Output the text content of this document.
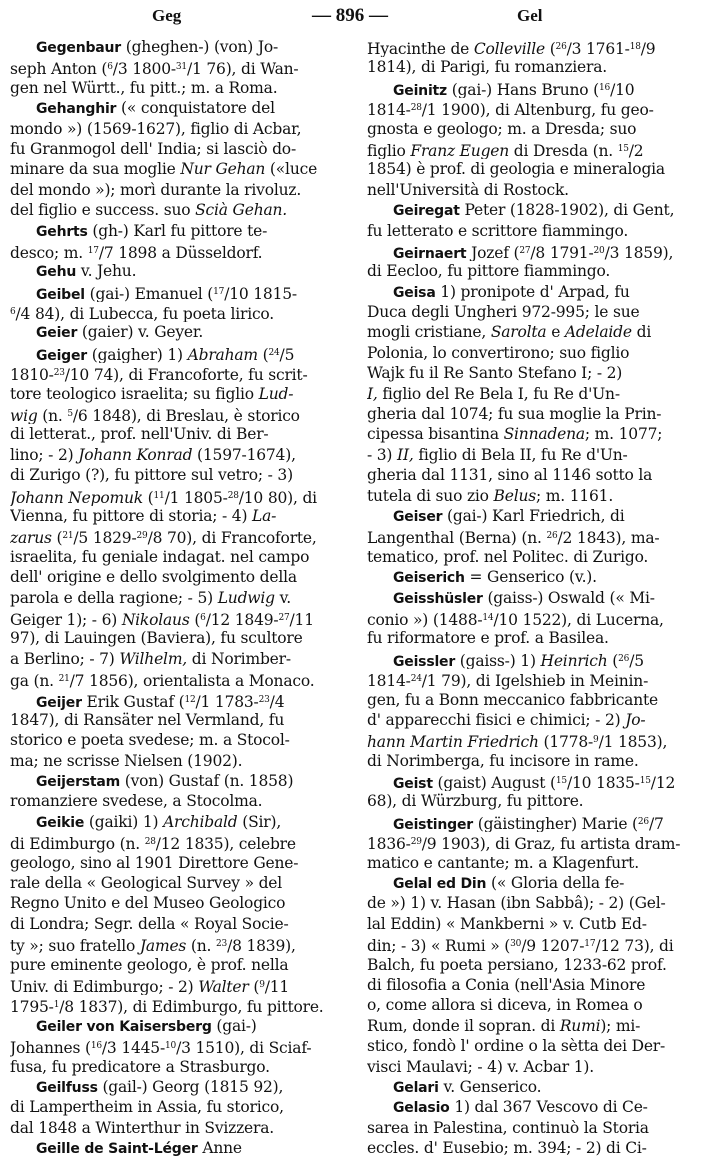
Geg	— 896 —	Gel
Gegenbaur (gheghen-) (von) Jo-
seph Anton ($^6$/3 1800-$^{31}$/1 76), di Wan-
gen nel Württ., fu pitt.; m. a Roma.
Gehanghir (« conquistatore del
mondo ») (1569-1627), figlio di Acbar,
fu Granmogol dell' India; si lasciò do-
minare da sua moglie Nur Gehan («luce
del mondo »); morì durante la rivoluz.
del figlio e success. suo Scià Gehan.
Gehrts (gh-) Karl fu pittore te-
desco; m. $^{17}$/7 1898 a Düsseldorf.
Gehu v. Jehu.
Geibel (gai-) Emanuel ($^{17}$/10 1815-
$^6$/4 84), di Lubecca, fu poeta lirico.
Geier (gaier) v. Geyer.
Geiger (gaigher) 1) Abraham ($^{24}$/5
1810-$^{23}$/10 74), di Francoforte, fu scrit-
tore teologico israelita; su figlio Lud-
wig (n. $^5$/6 1848), di Breslau, è storico
di letterat., prof. nell'Univ. di Ber-
lino; - 2) Johann Konrad (1597-1674),
di Zurigo (?), fu pittore sul vetro; - 3)
Johann Nepomuk ($^{11}$/1 1805-$^{28}$/10 80), di
Vienna, fu pittore di storia; - 4) La-
zarus ($^{21}$/5 1829-$^{29}$/8 70), di Francoforte,
israelita, fu geniale indagat. nel campo
dell' origine e dello svolgimento della
parola e della ragione; - 5) Ludwig v.
Geiger 1); - 6) Nikolaus ($^6$/12 1849-$^{27}$/11
97), di Lauingen (Baviera), fu scultore
a Berlino; - 7) Wilhelm, di Norimber-
ga (n. $^{21}$/7 1856), orientalista a Monaco.
Geijer Erik Gustaf ($^{12}$/1 1783-$^{23}$/4
1847), di Ransäter nel Vermland, fu
storico e poeta svedese; m. a Stocol-
ma; ne scrisse Nielsen (1902).
Geijerstam (von) Gustaf (n. 1858)
romanziere svedese, a Stocolma.
Geikie (gaiki) 1) Archibald (Sir),
di Edimburgo (n. $^{28}$/12 1835), celebre
geologo, sino al 1901 Direttore Gene-
rale della « Geological Survey » del
Regno Unito e del Museo Geologico
di Londra; Segr. della « Royal Socie-
ty »; suo fratello James (n. $^{23}$/8 1839),
pure eminente geologo, è prof. nella
Univ. di Edimburgo; - 2) Walter ($^9$/11
1795-$^1$/8 1837), di Edimburgo, fu pittore.
Geiler von Kaisersberg (gai-)
Johannes ($^{16}$/3 1445-$^{10}$/3 1510), di Sciaf-
fusa, fu predicatore a Strasburgo.
Geilfuss (gail-) Georg (1815 92),
di Lampertheim in Assia, fu storico,
dal 1848 a Winterthur in Svizzera.
Geille de Saint-Léger Anne
Hyacinthe de Colleville ($^{26}$/3 1761-$^{18}$/9
1814), di Parigi, fu romanziera.
Geinitz (gai-) Hans Bruno ($^{16}$/10
1814-$^{28}$/1 1900), di Altenburg, fu geo-
gnosta e geologo; m. a Dresda; suo
figlio Franz Eugen di Dresda (n. $^{15}$/2
1854) è prof. di geologia e mineralogia
nell'Università di Rostock.
Geiregat Peter (1828-1902), di Gent,
fu letterato e scrittore fiammingo.
Geirnaert Jozef ($^{27}$/8 1791-$^{20}$/3 1859),
di Eecloo, fu pittore fiammingo.
Geisa 1) pronipote d' Arpad, fu
Duca degli Ungheri 972-995; le sue
mogli cristiane, Sarolta e Adelaide di
Polonia, lo convertirono; suo figlio
Wajk fu il Re Santo Stefano I; - 2)
I, figlio del Re Bela I, fu Re d'Un-
gheria dal 1074; fu sua moglie la Prin-
cipessa bisantina Sinnadena; m. 1077;
- 3) II, figlio di Bela II, fu Re d'Un-
gheria dal 1131, sino al 1146 sotto la
tutela di suo zio Belus; m. 1161.
Geiser (gai-) Karl Friedrich, di
Langenthal (Berna) (n. $^{26}$/2 1843), ma-
tematico, prof. nel Politec. di Zurigo.
Geiserich = Genserico (v.).
Geisshüsler (gaiss-) Oswald (« Mi-
conio ») (1488-$^{14}$/10 1522), di Lucerna,
fu riformatore e prof. a Basilea.
Geissler (gaiss-) 1) Heinrich ($^{26}$/5
1814-$^{24}$/1 79), di Igelshieb in Meinin-
gen, fu a Bonn meccanico fabbricante
d' apparecchi fisici e chimici; - 2) Jo-
hann Martin Friedrich (1778-$^9$/1 1853),
di Norimberga, fu incisore in rame.
Geist (gaist) August ($^{15}$/10 1835-$^{15}$/12
68), di Würzburg, fu pittore.
Geistinger (gäistingher) Marie ($^{26}$/7
1836-$^{29}$/9 1903), di Graz, fu artista dram-
matico e cantante; m. a Klagenfurt.
Gelal ed Din (« Gloria della fe-
de ») 1) v. Hasan (ibn Sabbâ); - 2) (Gel-
lal Eddin) « Mankberni » v. Cutb Ed-
din; - 3) « Rumi » ($^{30}$/9 1207-$^{17}$/12 73), di
Balch, fu poeta persiano, 1233-62 prof.
di filosofia a Conia (nell'Asia Minore
o, come allora si diceva, in Romea o
Rum, donde il sopran. di Rumi); mi-
stico, fondò l' ordine o la sètta dei Der-
visci Maulavi; - 4) v. Acbar 1).
Gelari v. Genserico.
Gelasio 1) dal 367 Vescovo di Ce-
sarea in Palestina, continuò la Storia
eccles. d' Eusebio; m. 394; - 2) di Ci-
